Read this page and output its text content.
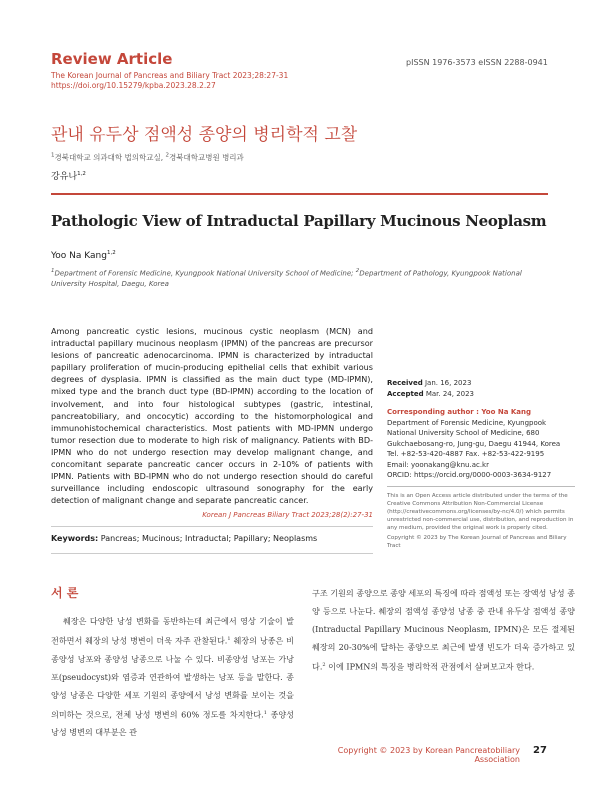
Review Article	pISSN 1976-3573 eISSN 2288-0941
The Korean Journal of Pancreas and Biliary Tract 2023;28:27-31
https://doi.org/10.15279/kpba.2023.28.2.27
관내 유두상 점액성 종양의 병리학적 고찰
$^1$경북대학교 의과대학 법의학교실, $^2$경북대학교병원 병리과
강유나$^{1,2}$
Pathologic View of Intraductal Papillary Mucinous Neoplasm
Yoo Na Kang$^{1,2}$
$^1$Department of Forensic Medicine, Kyungpook National University School of Medicine; $^2$Department of Pathology, Kyungpook National University Hospital, Daegu, Korea
Among pancreatic cystic lesions, mucinous cystic neoplasm (MCN) and intraductal papillary mucinous neoplasm (IPMN) of the pancreas are precursor lesions of pancreatic adenocarcinoma. IPMN is characterized by intraductal papillary proliferation of mucin-producing epithelial cells that exhibit various degrees of dysplasia. IPMN is classified as the main duct type (MD-IPMN), mixed type and the branch duct type (BD-IPMN) according to the location of involvement, and into four histological subtypes (gastric, intestinal, pancreatobiliary, and oncocytic) according to the histomorphological and immunohistochemical characteristics. Most patients with MD-IPMN undergo tumor resection due to moderate to high risk of malignancy. Patients with BD-IPMN who do not undergo resection may develop malignant change, and concomitant separate pancreatic cancer occurs in 2-10% of patients with IPMN. Patients with BD-IPMN who do not undergo resection should do careful surveillance including endoscopic ultrasound sonography for the early detection of malignant change and separate pancreatic cancer.
Korean J Pancreas Biliary Tract 2023;28(2):27-31
Keywords: Pancreas; Mucinous; Intraductal; Papillary; Neoplasms
Received Jan. 16, 2023
Accepted Mar. 24, 2023
Corresponding author : Yoo Na Kang
Department of Forensic Medicine, Kyungpook
National University School of Medicine, 680
Gukchaebosang-ro, Jung-gu, Daegu 41944, Korea
Tel. +82-53-420-4887 Fax. +82-53-422-9195
Email: yoonakang@knu.ac.kr
ORCID: https://orcid.org/0000-0003-3634-9127
This is an Open Access article distributed under the terms of the Creative Commons Attribution Non-Commercial License (http://creativecommons.org/licenses/by-nc/4.0/) which permits unrestricted non-commercial use, distribution, and reproduction in any medium, provided the original work is properly cited.
Copyright © 2023 by The Korean Journal of Pancreas and Biliary Tract
서 론
췌장은 다양한 낭성 변화를 동반하는데 최근에서 영상 기술이 발전하면서 췌장의 낭성 병변이 더욱 자주 관찰된다.$^1$ 췌장의 낭종은 비종양성 낭포와 종양성 낭종으로 나눌 수 있다. 비종양성 낭포는 가낭포(pseudocyst)와 염증과 연관하여 발생하는 낭포 등을 말한다. 종양성 낭종은 다양한 세포 기원의 종양에서 낭성 변화를 보이는 것을 의미하는 것으로, 전체 낭성 병변의 60% 정도를 차지한다.$^1$ 종양성 낭성 병변의 대부분은 관
구조 기원의 종양으로 종양 세포의 특징에 따라 점액성 또는 장액성 낭성 종양 등으로 나눈다. 췌장의 점액성 종양성 낭종 중 관내 유두상 점액성 종양(Intraductal Papillary Mucinous Neoplasm, IPMN)은 모든 절제된 췌장의 20-30%에 달하는 종양으로 최근에 발생 빈도가 더욱 증가하고 있다.$^2$ 이에 IPMN의 특징을 병리학적 관점에서 살펴보고자 한다.
Copyright © 2023 by Korean Pancreatobiliary Association
27
